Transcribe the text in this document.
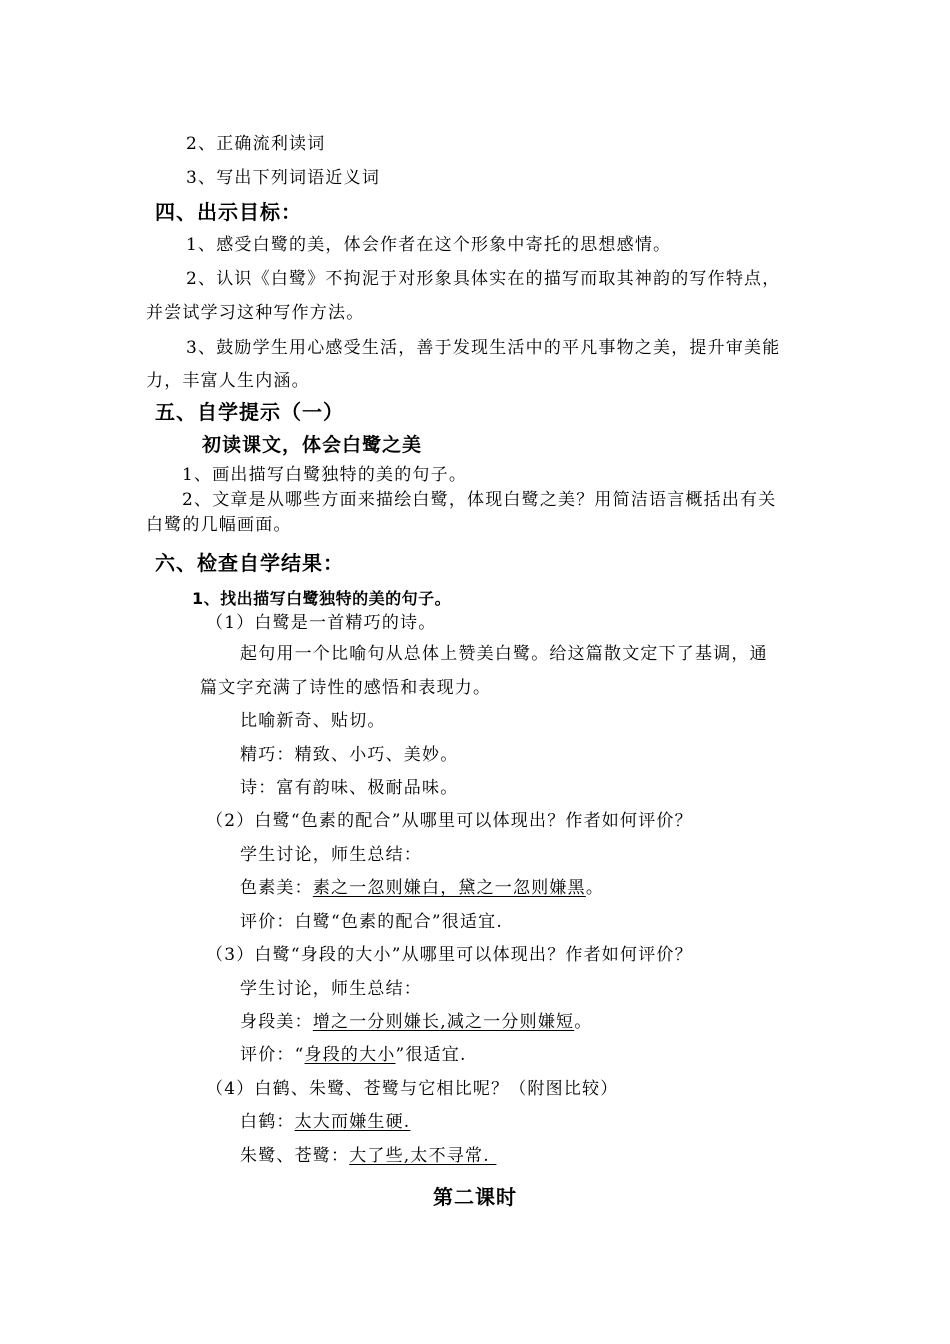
2、正确流利读词
3、写出下列词语近义词
四、出示目标：
1、感受白鹭的美，体会作者在这个形象中寄托的思想感情。
2、认识《白鹭》不拘泥于对形象具体实在的描写而取其神韵的写作特点，
并尝试学习这种写作方法。
3、鼓励学生用心感受生活，善于发现生活中的平凡事物之美，提升审美能
力，丰富人生内涵。
五、自学提示（一）
初读课文，体会白鹭之美
1、画出描写白鹭独特的美的句子。
2、文章是从哪些方面来描绘白鹭，体现白鹭之美？用简洁语言概括出有关
白鹭的几幅画面。
六、检查自学结果：
1、找出描写白鹭独特的美的句子。
（1）白鹭是一首精巧的诗。
起句用一个比喻句从总体上赞美白鹭。给这篇散文定下了基调，通
篇文字充满了诗性的感悟和表现力。
比喻新奇、贴切。
精巧：精致、小巧、美妙。
诗：富有韵味、极耐品味。
（2）白鹭“色素的配合”从哪里可以体现出？作者如何评价？
学生讨论，师生总结：
色素美：素之一忽则嫌白，黛之一忽则嫌黑。
评价：白鹭“色素的配合”很适宜.
（3）白鹭“身段的大小”从哪里可以体现出？作者如何评价？
学生讨论，师生总结：
身段美：增之一分则嫌长,减之一分则嫌短。
评价：“身段的大小”很适宜.
（4）白鹤、朱鹭、苍鹭与它相比呢？（附图比较）
白鹤：太大而嫌生硬.
朱鹭、苍鹭：大了些,太不寻常.
第二课时
